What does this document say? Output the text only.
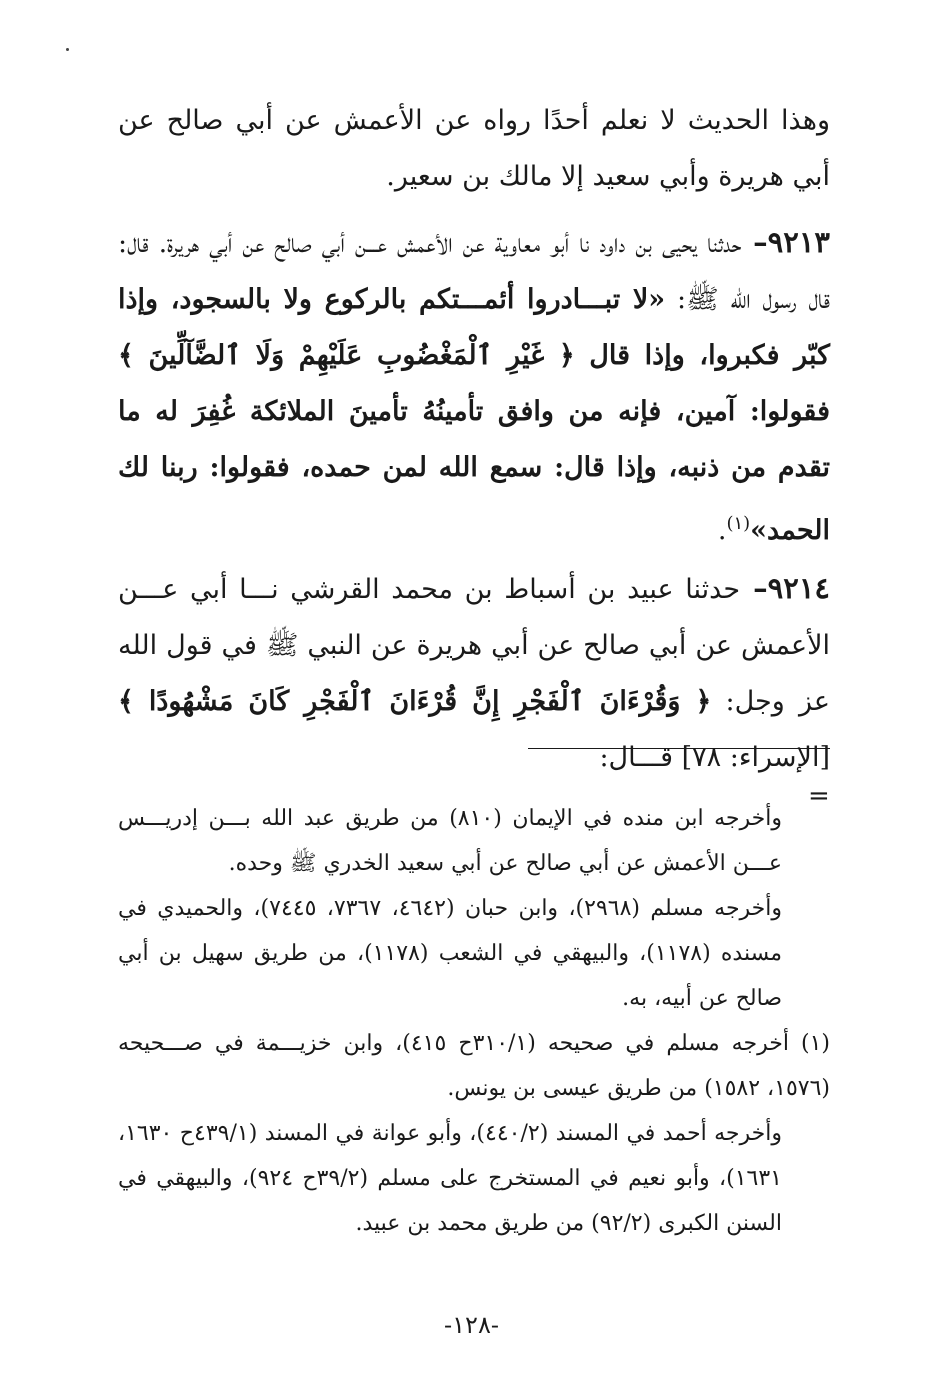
وهذا الحديث لا نعلم أحدًا رواه عن الأعمش عن أبي صالح عن أبي هريرة وأبي سعيد إلا مالك بن سعير.

٩٢١٣– حدثنا يحيى بن داود نا أبو معاوية عن الأعمش عـــن أبي صالح عن أبي هريرة. قال: قال رسول الله ﷺ: «لا تبـــادروا أئمـــتكم بالركوع ولا بالسجود، وإذا كبّر فكبروا، وإذا قال ﴿ غَيْرِ ٱلْمَغْضُوبِ عَلَيْهِمْ وَلَا ٱلضَّآلِّينَ ﴾ فقولوا: آمين، فإنه من وافق تأمينُهُ تأمينَ الملائكة غُفِرَ له ما تقدم من ذنبه، وإذا قال: سمع الله لمن حمده، فقولوا: ربنا لك الحمد»$^{(١)}$.

٩٢١٤– حدثنا عبيد بن أسباط بن محمد القرشي نـــا أبي عـــن الأعمش عن أبي صالح عن أبي هريرة عن النبي ﷺ في قول الله عز وجل: ﴿ وَقُرْءَانَ ٱلْفَجْرِ إِنَّ قُرْءَانَ ٱلْفَجْرِ كَانَ مَشْهُودًا ﴾ [الإسراء: ٧٨] قـــال:

=

وأخرجه ابن منده في الإيمان (٨١٠) من طريق عبد الله بـــن إدريـــس عـــن الأعمش عن أبي صالح عن أبي سعيد الخدري ﷺ وحده.

وأخرجه مسلم (٢٩٦٨)، وابن حبان (٤٦٤٢، ٧٣٦٧، ٧٤٤٥)، والحميدي في مسنده (١١٧٨)، والبيهقي في الشعب (١١٧٨)، من طريق سهيل بن أبي صالح عن أبيه، به.

(١) أخرجه مسلم في صحيحه (٣١٠/١ح ٤١٥)، وابن خزيـــمة في صـــحيحه (١٥٧٦، ١٥٨٢) من طريق عيسى بن يونس.

وأخرجه أحمد في المسند (٤٤٠/٢)، وأبو عوانة في المسند (٤٣٩/١ح ١٦٣٠، ١٦٣١)، وأبو نعيم في المستخرج على مسلم (٣٩/٢ح ٩٢٤)، والبيهقي في السنن الكبرى (٩٢/٢) من طريق محمد بن عبيد.

-١٢٨-
